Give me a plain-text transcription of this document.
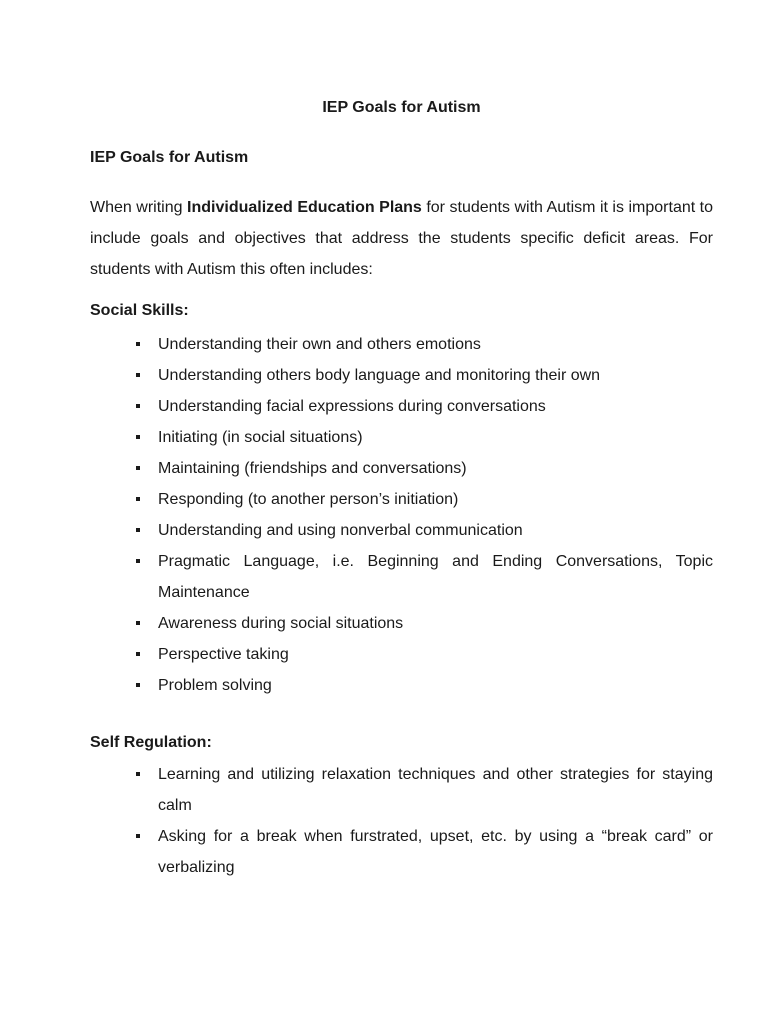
IEP Goals for Autism
IEP Goals for Autism

When writing Individualized Education Plans for students with Autism it is important to include goals and objectives that address the students specific deficit areas. For students with Autism this often includes:

Social Skills:
Understanding their own and others emotions
Understanding others body language and monitoring their own
Understanding facial expressions during conversations
Initiating (in social situations)
Maintaining (friendships and conversations)
Responding (to another person’s initiation)
Understanding and using nonverbal communication
Pragmatic Language, i.e. Beginning and Ending Conversations, Topic Maintenance
Awareness during social situations
Perspective taking
Problem solving
Self Regulation:
Learning and utilizing relaxation techniques and other strategies for staying calm
Asking for a break when furstrated, upset, etc. by using a “break card” or verbalizing
